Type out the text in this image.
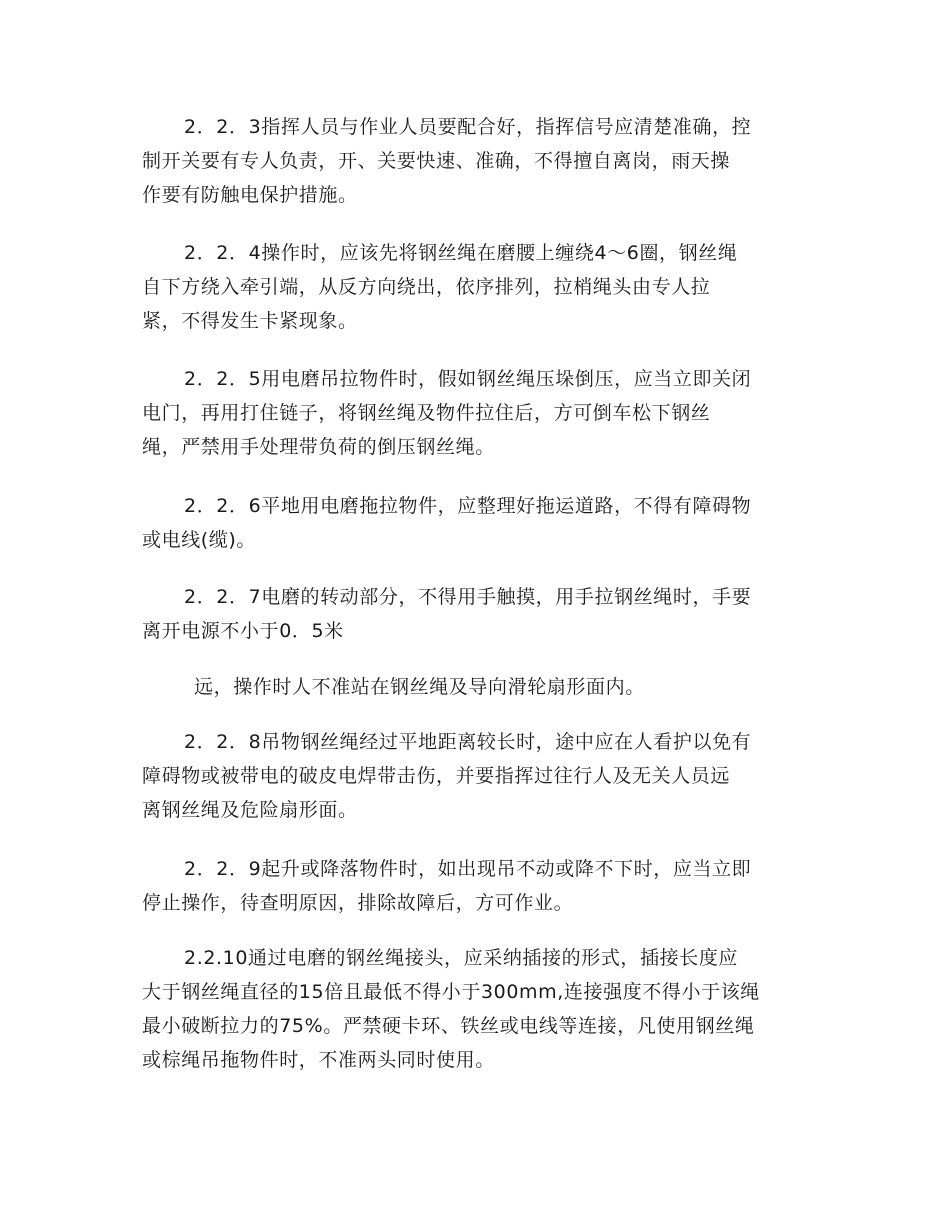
2．2．3指挥人员与作业人员要配合好，指挥信号应清楚准确，控
制开关要有专人负责，开、关要快速、准确，不得擅自离岗，雨天操
作要有防触电保护措施。
2．2．4操作时，应该先将钢丝绳在磨腰上缠绕4～6圈，钢丝绳
自下方绕入牵引端，从反方向绕出，依序排列，拉梢绳头由专人拉
紧，不得发生卡紧现象。
2．2．5用电磨吊拉物件时，假如钢丝绳压垛倒压，应当立即关闭
电门，再用打住链子，将钢丝绳及物件拉住后，方可倒车松下钢丝
绳，严禁用手处理带负荷的倒压钢丝绳。
2．2．6平地用电磨拖拉物件，应整理好拖运道路，不得有障碍物
或电线(缆)。
2．2．7电磨的转动部分，不得用手触摸，用手拉钢丝绳时，手要
离开电源不小于0．5米
远，操作时人不准站在钢丝绳及导向滑轮扇形面内。
2．2．8吊物钢丝绳经过平地距离较长时，途中应在人看护以免有
障碍物或被带电的破皮电焊带击伤，并要指挥过往行人及无关人员远
离钢丝绳及危险扇形面。
2．2．9起升或降落物件时，如出现吊不动或降不下时，应当立即
停止操作，待查明原因，排除故障后，方可作业。
2.2.10通过电磨的钢丝绳接头，应采纳插接的形式，插接长度应
大于钢丝绳直径的15倍且最低不得小于300mm,连接强度不得小于该绳
最小破断拉力的75%。严禁硬卡环、铁丝或电线等连接，凡使用钢丝绳
或棕绳吊拖物件时，不准两头同时使用。
